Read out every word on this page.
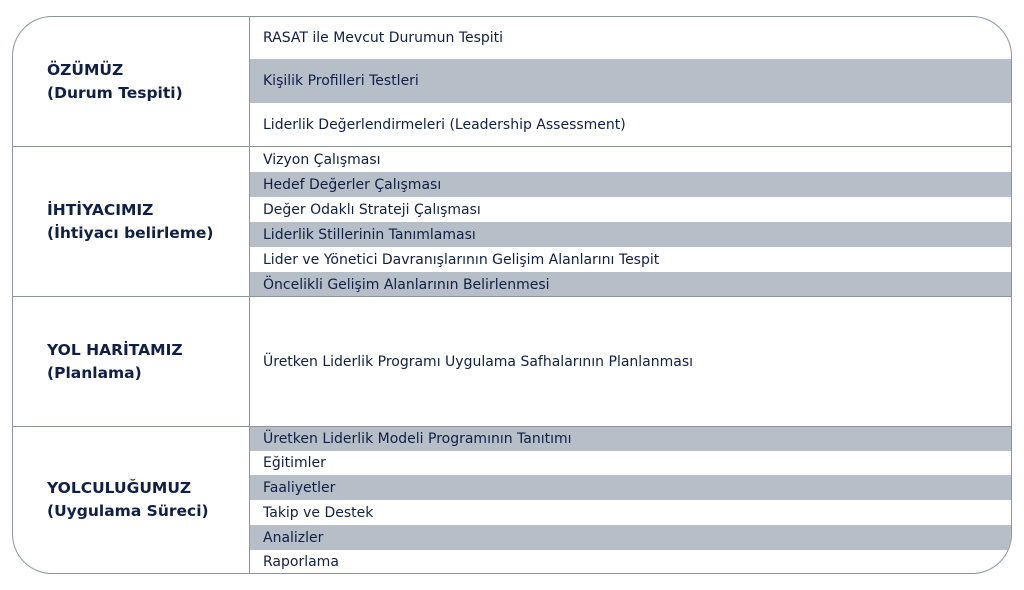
ÖZÜMÜZ
(Durum Tespiti)
RASAT ile Mevcut Durumun Tespiti
Kişilik Profilleri Testleri
Liderlik Değerlendirmeleri (Leadership Assessment)
İHTİYACIMIZ
(İhtiyacı belirleme)
Vizyon Çalışması
Hedef Değerler Çalışması
Değer Odaklı Strateji Çalışması
Liderlik Stillerinin Tanımlaması
Lider ve Yönetici Davranışlarının Gelişim Alanlarını Tespit
Öncelikli Gelişim Alanlarının Belirlenmesi
YOL HARİTAMIZ
(Planlama)
Üretken Liderlik Programı Uygulama Safhalarının Planlanması
YOLCULUĞUMUZ
(Uygulama Süreci)
Üretken Liderlik Modeli Programının Tanıtımı
Eğitimler
Faaliyetler
Takip ve Destek
Analizler
Raporlama
